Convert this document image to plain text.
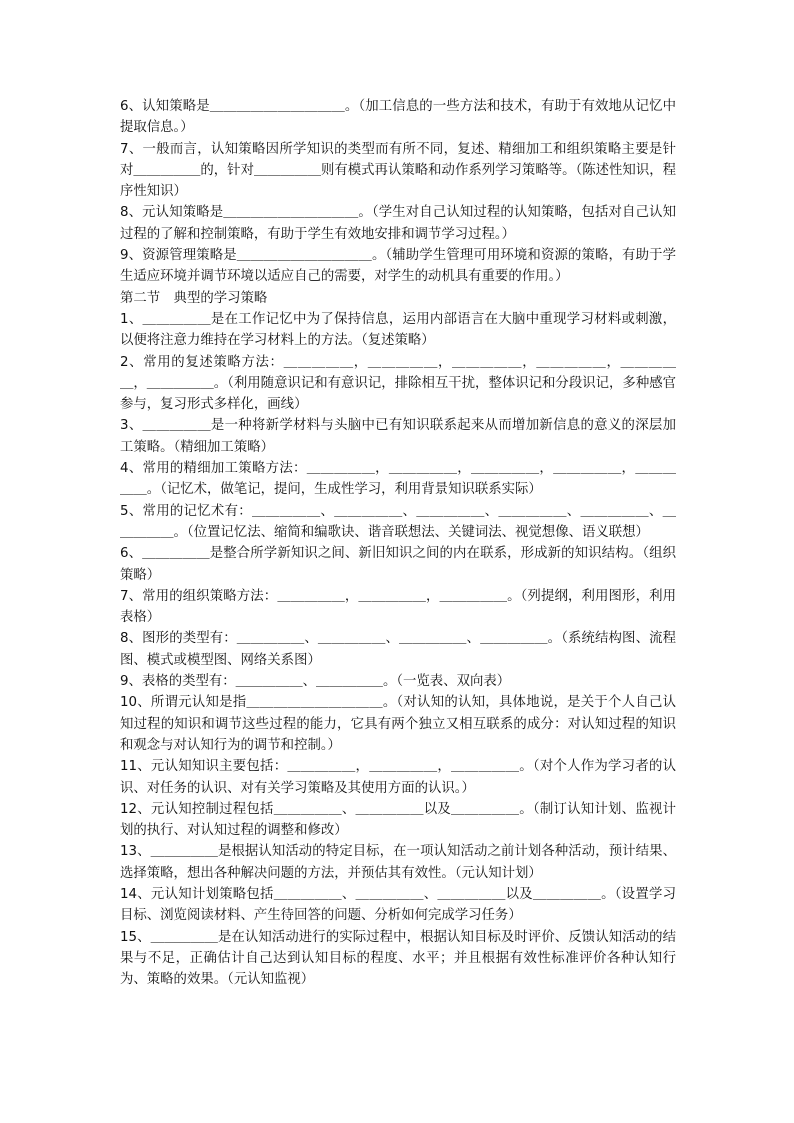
6、认知策略是＿＿＿＿＿＿＿＿＿＿。（加工信息的一些方法和技术，有助于有效地从记忆中提取信息。）

7、一般而言，认知策略因所学知识的类型而有所不同，复述、精细加工和组织策略主要是针对＿＿＿＿＿的，针对＿＿＿＿＿则有模式再认策略和动作系列学习策略等。（陈述性知识，程序性知识）

8、元认知策略是＿＿＿＿＿＿＿＿＿＿。（学生对自己认知过程的认知策略，包括对自己认知过程的了解和控制策略，有助于学生有效地安排和调节学习过程。）

9、资源管理策略是＿＿＿＿＿＿＿＿＿＿。（辅助学生管理可用环境和资源的策略，有助于学生适应环境并调节环境以适应自己的需要，对学生的动机具有重要的作用。）

第二节　典型的学习策略

1、＿＿＿＿＿是在工作记忆中为了保持信息，运用内部语言在大脑中重现学习材料或刺激，以便将注意力维持在学习材料上的方法。（复述策略）

2、常用的复述策略方法：＿＿＿＿＿，＿＿＿＿＿，＿＿＿＿＿，＿＿＿＿＿，＿＿＿＿＿，＿＿＿＿＿。（利用随意识记和有意识记，排除相互干扰，整体识记和分段识记，多种感官参与，复习形式多样化，画线）

3、＿＿＿＿＿是一种将新学材料与头脑中已有知识联系起来从而增加新信息的意义的深层加工策略。（精细加工策略）

4、常用的精细加工策略方法：＿＿＿＿＿，＿＿＿＿＿，＿＿＿＿＿，＿＿＿＿＿，＿＿＿＿＿。（记忆术，做笔记，提问，生成性学习，利用背景知识联系实际）

5、常用的记忆术有：＿＿＿＿＿、＿＿＿＿＿、＿＿＿＿＿、＿＿＿＿＿、＿＿＿＿＿、＿＿＿＿＿。（位置记忆法、缩简和编歌诀、谐音联想法、关键词法、视觉想像、语义联想）

6、＿＿＿＿＿是整合所学新知识之间、新旧知识之间的内在联系，形成新的知识结构。（组织策略）

7、常用的组织策略方法：＿＿＿＿＿，＿＿＿＿＿，＿＿＿＿＿。（列提纲，利用图形，利用表格）

8、图形的类型有：＿＿＿＿＿、＿＿＿＿＿、＿＿＿＿＿、＿＿＿＿＿。（系统结构图、流程图、模式或模型图、网络关系图）

9、表格的类型有：＿＿＿＿＿、＿＿＿＿＿。（一览表、双向表）

10、所谓元认知是指＿＿＿＿＿＿＿＿＿＿。（对认知的认知，具体地说，是关于个人自己认知过程的知识和调节这些过程的能力，它具有两个独立又相互联系的成分：对认知过程的知识和观念与对认知行为的调节和控制。）

11、元认知知识主要包括：＿＿＿＿＿，＿＿＿＿＿，＿＿＿＿＿。（对个人作为学习者的认识、对任务的认识、对有关学习策略及其使用方面的认识。）

12、元认知控制过程包括＿＿＿＿＿、＿＿＿＿＿以及＿＿＿＿＿。（制订认知计划、监视计划的执行、对认知过程的调整和修改）

13、＿＿＿＿＿是根据认知活动的特定目标，在一项认知活动之前计划各种活动，预计结果、选择策略，想出各种解决问题的方法，并预估其有效性。（元认知计划）

14、元认知计划策略包括＿＿＿＿＿、＿＿＿＿＿、＿＿＿＿＿以及＿＿＿＿＿。（设置学习目标、浏览阅读材料、产生待回答的问题、分析如何完成学习任务）

15、＿＿＿＿＿是在认知活动进行的实际过程中，根据认知目标及时评价、反馈认知活动的结果与不足，正确估计自己达到认知目标的程度、水平；并且根据有效性标准评价各种认知行为、策略的效果。（元认知监视）
